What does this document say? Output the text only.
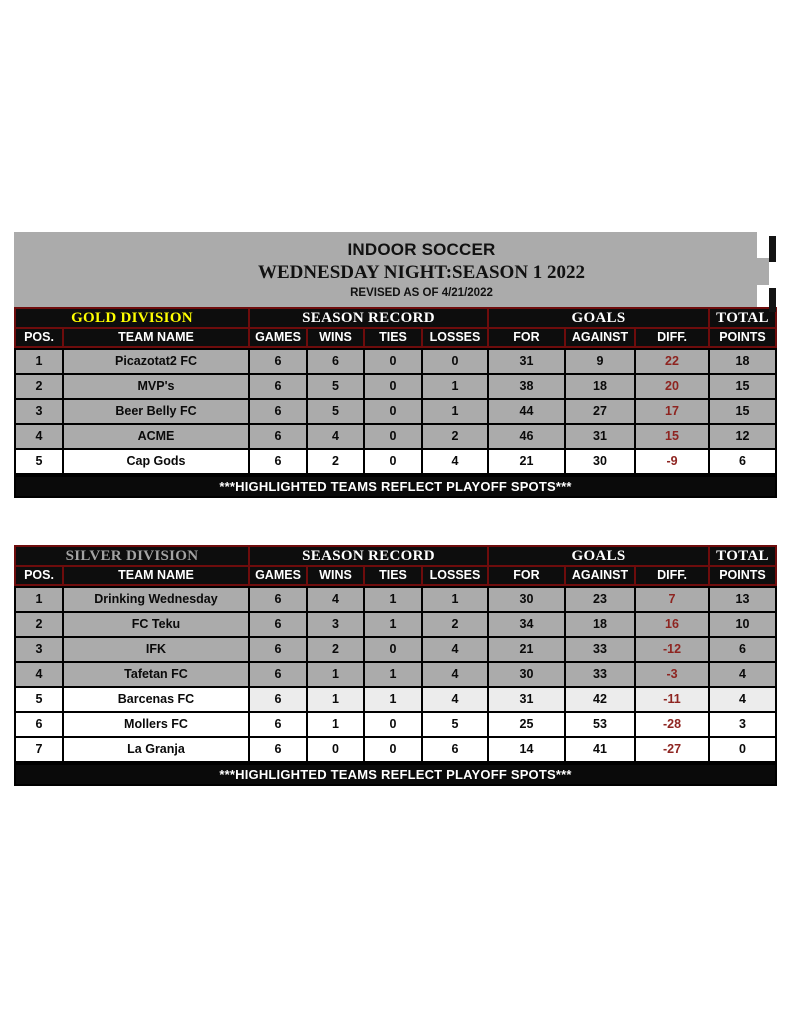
INDOOR SOCCER
WEDNESDAY NIGHT:SEASON 1 2022
REVISED AS OF 4/21/2022
GOLD DIVISION	SEASON RECORD	GOALS	TOTAL
POS.	TEAM NAME	GAMES	WINS	TIES	LOSSES	FOR	AGAINST	DIFF.	POINTS
1	Picazotat2 FC	6	6	0	0	31	9	22	18
2	MVP's	6	5	0	1	38	18	20	15
3	Beer Belly FC	6	5	0	1	44	27	17	15
4	ACME	6	4	0	2	46	31	15	12
5	Cap Gods	6	2	0	4	21	30	-9	6
***HIGHLIGHTED TEAMS REFLECT PLAYOFF SPOTS***
SILVER DIVISION	SEASON RECORD	GOALS	TOTAL
POS.	TEAM NAME	GAMES	WINS	TIES	LOSSES	FOR	AGAINST	DIFF.	POINTS
1	Drinking Wednesday	6	4	1	1	30	23	7	13
2	FC Teku	6	3	1	2	34	18	16	10
3	IFK	6	2	0	4	21	33	-12	6
4	Tafetan FC	6	1	1	4	30	33	-3	4
5	Barcenas FC	6	1	1	4	31	42	-11	4
6	Mollers FC	6	1	0	5	25	53	-28	3
7	La Granja	6	0	0	6	14	41	-27	0
***HIGHLIGHTED TEAMS REFLECT PLAYOFF SPOTS***
